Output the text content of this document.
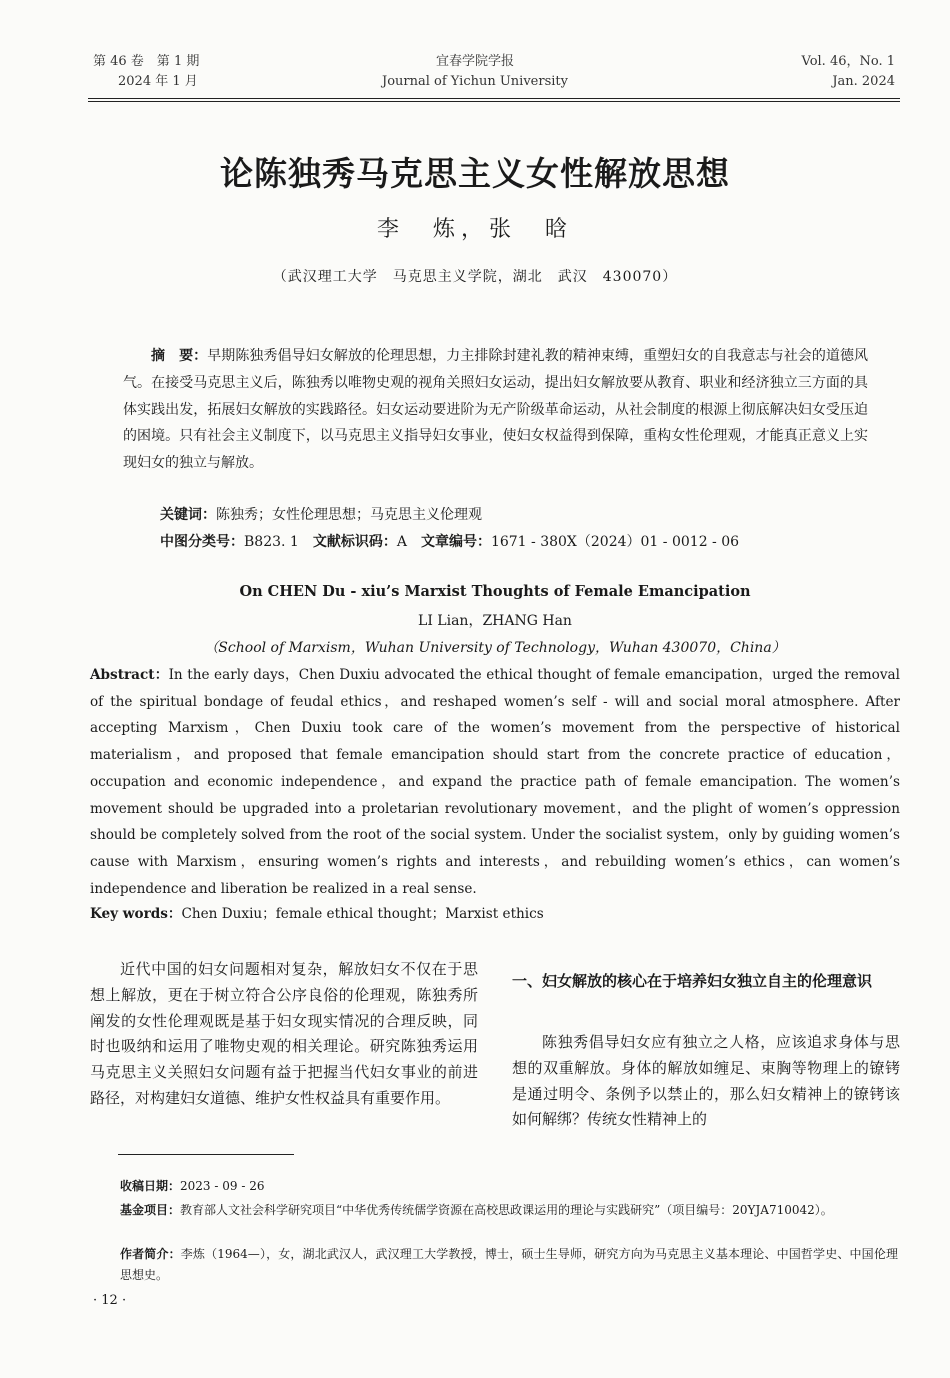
第 46 卷　第 1 期
2024 年 1 月
宜春学院学报
Journal of Yichun University
Vol. 46，No. 1
Jan. 2024
论陈独秀马克思主义女性解放思想
李　炼，张　晗
（武汉理工大学　马克思主义学院，湖北　武汉　430070）
摘　要：早期陈独秀倡导妇女解放的伦理思想，力主排除封建礼教的精神束缚，重塑妇女的自我意志与社会的道德风气。在接受马克思主义后，陈独秀以唯物史观的视角关照妇女运动，提出妇女解放要从教育、职业和经济独立三方面的具体实践出发，拓展妇女解放的实践路径。妇女运动要进阶为无产阶级革命运动，从社会制度的根源上彻底解决妇女受压迫的困境。只有社会主义制度下，以马克思主义指导妇女事业，使妇女权益得到保障，重构女性伦理观，才能真正意义上实现妇女的独立与解放。
关键词：陈独秀；女性伦理思想；马克思主义伦理观
中图分类号：B823. 1　 文献标识码：A　 文章编号：1671 - 380X（2024）01 - 0012 - 06
On CHEN Du - xiu’s Marxist Thoughts of Female Emancipation
LI Lian，ZHANG Han
（School of Marxism，Wuhan University of Technology，Wuhan 430070，China）
Abstract：In the early days，Chen Duxiu advocated the ethical thought of female emancipation，urged the removal of the spiritual bondage of feudal ethics，and reshaped women’s self - will and social moral atmosphere. After accepting Marxism，Chen Duxiu took care of the women’s movement from the perspective of historical materialism，and proposed that female emancipation should start from the concrete practice of education，occupation and economic independence，and expand the practice path of female emancipation. The women’s movement should be upgraded into a proletarian revolutionary movement，and the plight of women’s oppression should be completely solved from the root of the social system. Under the socialist system，only by guiding women’s cause with Marxism，ensuring women’s rights and interests，and rebuilding women’s ethics，can women’s independence and liberation be realized in a real sense.
Key words：Chen Duxiu；female ethical thought；Marxist ethics
近代中国的妇女问题相对复杂，解放妇女不仅在于思想上解放，更在于树立符合公序良俗的伦理观，陈独秀所阐发的女性伦理观既是基于妇女现实情况的合理反映，同时也吸纳和运用了唯物史观的相关理论。研究陈独秀运用马克思主义关照妇女问题有益于把握当代妇女事业的前进路径，对构建妇女道德、维护女性权益具有重要作用。
一、妇女解放的核心在于培养妇女独立自主的伦理意识
陈独秀倡导妇女应有独立之人格，应该追求身体与思想的双重解放。身体的解放如缠足、束胸等物理上的镣铐是通过明令、条例予以禁止的，那么妇女精神上的镣铐该如何解绑？传统女性精神上的
收稿日期：2023 - 09 - 26
基金项目：教育部人文社会科学研究项目“中华优秀传统儒学资源在高校思政课运用的理论与实践研究”（项目编号：20YJA710042）。
作者简介：李炼（1964—），女，湖北武汉人，武汉理工大学教授，博士，硕士生导师，研究方向为马克思主义基本理论、中国哲学史、中国伦理思想史。
· 12 ·
